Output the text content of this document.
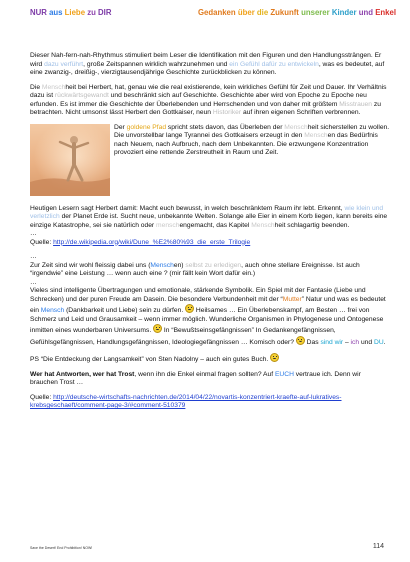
NUR aus Liebe zu DIR	Gedanken über die Zukunft unserer Kinder und Enkel

Dieser Nah-fern-nah-Rhythmus stimuliert beim Leser die Identifikation mit den Figuren und den Handlungssträngen. Er wird dazu verführt, große Zeitspannen wirklich wahrzunehmen und ein Gefühl dafür zu entwickeln, was es bedeutet, auf eine zwanzig-, dreißig-, vierzigtausendjährige Geschichte zurückblicken zu können.

Die Menschheit bei Herbert, hat, genau wie die real existierende, kein wirkliches Gefühl für Zeit und Dauer. Ihr Verhältnis dazu ist rückwärtsgewandt und beschränkt sich auf Geschichte. Geschichte aber wird von Epoche zu Epoche neu erfunden. Es ist immer die Geschichte der Überlebenden und Herrschenden und von daher mit größtem Misstrauen zu betrachten. Nicht umsonst lässt Herbert den Gottkaiser, neun Historiker auf ihren eigenen Schriften verbrennen.

Der goldene Pfad spricht stets davon, das Überleben der Menschheit sicherstellen zu wollen. Die unvorstellbar lange Tyrannei des Gottkaisers erzeugt in den Menschen das Bedürfnis nach Neuem, nach Aufbruch, nach dem Unbekannten. Die erzwungene Konzentration provoziert eine rettende Zerstreutheit in Raum und Zeit.

Heutigen Lesern sagt Herbert damit: Macht euch bewusst, in welch beschränktem Raum ihr lebt. Erkennt, wie klein und verletzlich der Planet Erde ist. Sucht neue, unbekannte Welten. Solange alle Eier in einem Korb liegen, kann bereits eine einzige Katastrophe, sei sie natürlich oder menschengemacht, das Kapitel Menschheit schlagartig beenden.

…

Quelle: http://de.wikipedia.org/wiki/Dune_%E2%80%93_die_erste_Trilogie

…

Zur Zeit sind wir wohl fleissig dabei uns (Menschen) selbst zu erledigen, auch ohne stellare Ereignisse. Ist auch “irgendwie” eine Leistung … wenn auch eine ? (mir fällt kein Wort dafür ein.)

…

Vieles sind intelligente Übertragungen und emotionale, stärkende Symbolik. Ein Spiel mit der Fantasie (Liebe und Schrecken) und der puren Freude am Dasein. Die besondere Verbundenheit mit der “Mutter” Natur und was es bedeutet ein Mensch (Dankbarkeit und Liebe) sein zu dürfen.  Heilsames … Ein Überlebenskampf, am Besten … frei von Schmerz und Leid und Grausamkeit – wenn immer möglich. Wunderliche Organismen in Phylogenese und Ontogenese inmitten eines wunderbaren Universums.  In “Bewußtseinsgefängnissen” In Gedankengefängnissen, Gefühlsgefängnissen, Handlungsgefängnissen, Ideologiegefängnissen … Komisch oder?  Das sind wir – ich und DU.

PS “Die Entdeckung der Langsamkeit” von Sten Nadolny – auch ein gutes Buch.

Wer hat Antworten, wer hat Trost, wenn ihn die Enkel einmal fragen sollten? Auf EUCH vertraue ich. Denn wir brauchen Trost …

Quelle: http://deutsche-wirtschafts-nachrichten.de/2014/04/22/novartis-konzentriert-kraefte-auf-lukratives-krebsgeschaeft/comment-page-3/#comment-510379

Save the Desert! End Prohibition! NOW!	114
